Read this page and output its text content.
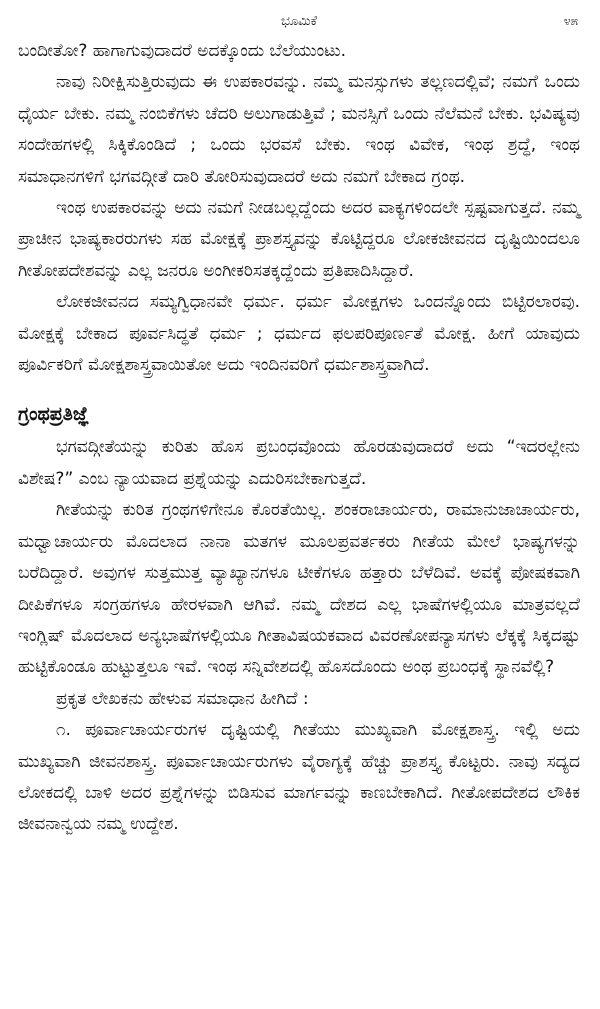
ಭೂಮಿಕೆ	೪೫

ಬಂದೀತೋ? ಹಾಗಾಗುವುದಾದರೆ ಅದಕ್ಕೊಂದು ಬೆಲೆಯುಂಟು.

ನಾವು ನಿರೀಕ್ಷಿಸುತ್ತಿರುವುದು ಈ ಉಪಕಾರವನ್ನು. ನಮ್ಮ ಮನಸ್ಸುಗಳು ತಲ್ಲಣದಲ್ಲಿವೆ; ನಮಗೆ ಒಂದು ಧೈರ್ಯ ಬೇಕು. ನಮ್ಮ ನಂಬಿಕೆಗಳು ಚೆದರಿ ಅಲುಗಾಡುತ್ತಿವೆ ; ಮನಸ್ಸಿಗೆ ಒಂದು ನೆಲೆಮನೆ ಬೇಕು. ಭವಿಷ್ಯವು ಸಂದೇಹಗಳಲ್ಲಿ ಸಿಕ್ಕಿಕೊಂಡಿದೆ ; ಒಂದು ಭರವಸೆ ಬೇಕು. ಇಂಥ ವಿವೇಕ, ಇಂಥ ಶ್ರದ್ಧೆ, ಇಂಥ ಸಮಾಧಾನಗಳಿಗೆ ಭಗವದ್ಗೀತೆ ದಾರಿ ತೋರಿಸುವುದಾದರೆ ಅದು ನಮಗೆ ಬೇಕಾದ ಗ್ರಂಥ.

ಇಂಥ ಉಪಕಾರವನ್ನು ಅದು ನಮಗೆ ನೀಡಬಲ್ಲದ್ದೆಂದು ಅದರ ವಾಕ್ಯಗಳಿಂದಲೇ ಸ್ಪಷ್ಟವಾಗುತ್ತದೆ. ನಮ್ಮ ಪ್ರಾಚೀನ ಭಾಷ್ಯಕಾರರುಗಳು ಸಹ ಮೋಕ್ಷಕ್ಕೆ ಪ್ರಾಶಸ್ತ್ಯವನ್ನು ಕೊಟ್ಟಿದ್ದರೂ ಲೋಕಜೀವನದ ದೃಷ್ಟಿಯಿಂದಲೂ ಗೀತೋಪದೇಶವನ್ನು ಎಲ್ಲ ಜನರೂ ಅಂಗೀಕರಿಸತಕ್ಕದ್ದೆಂದು ಪ್ರತಿಪಾದಿಸಿದ್ದಾರೆ.

ಲೋಕಜೀವನದ ಸಮ್ಯಗ್ವಿಧಾನವೇ ಧರ್ಮ. ಧರ್ಮ ಮೋಕ್ಷಗಳು ಒಂದನ್ನೊಂದು ಬಿಟ್ಟಿರಲಾರವು. ಮೋಕ್ಷಕ್ಕೆ ಬೇಕಾದ ಪೂರ್ವಸಿದ್ಧತೆ ಧರ್ಮ ; ಧರ್ಮದ ಫಲಪರಿಪೂರ್ಣತೆ ಮೋಕ್ಷ. ಹೀಗೆ ಯಾವುದು ಪೂರ್ವಿಕರಿಗೆ ಮೋಕ್ಷಶಾಸ್ತ್ರವಾಯಿತೋ ಅದು ಇಂದಿನವರಿಗೆ ಧರ್ಮಶಾಸ್ತ್ರವಾಗಿದೆ.

ಗ್ರಂಥಪ್ರತಿಜ್ಞೆ

ಭಗವದ್ಗೀತೆಯನ್ನು ಕುರಿತು ಹೊಸ ಪ್ರಬಂಧವೊಂದು ಹೊರಡುವುದಾದರೆ ಅದು “ಇದರಲ್ಲೇನು ವಿಶೇಷ?” ಎಂಬ ನ್ಯಾಯವಾದ ಪ್ರಶ್ನೆಯನ್ನು ಎದುರಿಸಬೇಕಾಗುತ್ತದೆ.

ಗೀತೆಯನ್ನು ಕುರಿತ ಗ್ರಂಥಗಳಿಗೇನೂ ಕೊರತೆಯಿಲ್ಲ. ಶಂಕರಾಚಾರ್ಯರು, ರಾಮಾನುಜಾಚಾರ್ಯರು, ಮಧ್ವಾಚಾರ್ಯರು ಮೊದಲಾದ ನಾನಾ ಮತಗಳ ಮೂಲಪ್ರವರ್ತಕರು ಗೀತೆಯ ಮೇಲೆ ಭಾಷ್ಯಗಳನ್ನು ಬರೆದಿದ್ದಾರೆ. ಅವುಗಳ ಸುತ್ತಮುತ್ತ ವ್ಯಾಖ್ಯಾನಗಳೂ ಟೀಕೆಗಳೂ ಹತ್ತಾರು ಬೆಳೆದಿವೆ. ಅವಕ್ಕೆ ಪೋಷಕವಾಗಿ ದೀಪಿಕೆಗಳೂ ಸಂಗ್ರಹಗಳೂ ಹೇರಳವಾಗಿ ಆಗಿವೆ. ನಮ್ಮ ದೇಶದ ಎಲ್ಲ ಭಾಷೆಗಳಲ್ಲಿಯೂ ಮಾತ್ರವಲ್ಲದೆ ಇಂಗ್ಲಿಷ್ ಮೊದಲಾದ ಅನ್ಯಭಾಷೆಗಳಲ್ಲಿಯೂ ಗೀತಾವಿಷಯಕವಾದ ವಿವರಣೋಪನ್ಯಾಸಗಳು ಲೆಕ್ಕಕ್ಕೆ ಸಿಕ್ಕದಷ್ಟು ಹುಟ್ಟಿಕೊಂಡೂ ಹುಟ್ಟುತ್ತಲೂ ಇವೆ. ಇಂಥ ಸನ್ನಿವೇಶದಲ್ಲಿ ಹೊಸದೊಂದು ಅಂಥ ಪ್ರಬಂಧಕ್ಕೆ ಸ್ಥಾನವೆಲ್ಲಿ?

ಪ್ರಕೃತ ಲೇಖಕನು ಹೇಳುವ ಸಮಾಧಾನ ಹೀಗಿದೆ :

೧. ಪೂರ್ವಾಚಾರ್ಯರುಗಳ ದೃಷ್ಟಿಯಲ್ಲಿ ಗೀತೆಯು ಮುಖ್ಯವಾಗಿ ಮೋಕ್ಷಶಾಸ್ತ್ರ. ಇಲ್ಲಿ ಅದು ಮುಖ್ಯವಾಗಿ ಜೀವನಶಾಸ್ತ್ರ. ಪೂರ್ವಾಚಾರ್ಯರುಗಳು ವೈರಾಗ್ಯಕ್ಕೆ ಹೆಚ್ಚು ಪ್ರಾಶಸ್ತ್ಯ ಕೊಟ್ಟರು. ನಾವು ಸದ್ಯದ ಲೋಕದಲ್ಲಿ ಬಾಳಿ ಅದರ ಪ್ರಶ್ನೆಗಳನ್ನು ಬಿಡಿಸುವ ಮಾರ್ಗವನ್ನು ಕಾಣಬೇಕಾಗಿದೆ. ಗೀತೋಪದೇಶದ ಲೌಕಿಕ ಜೀವನಾನ್ವಯ ನಮ್ಮ ಉದ್ದೇಶ.
